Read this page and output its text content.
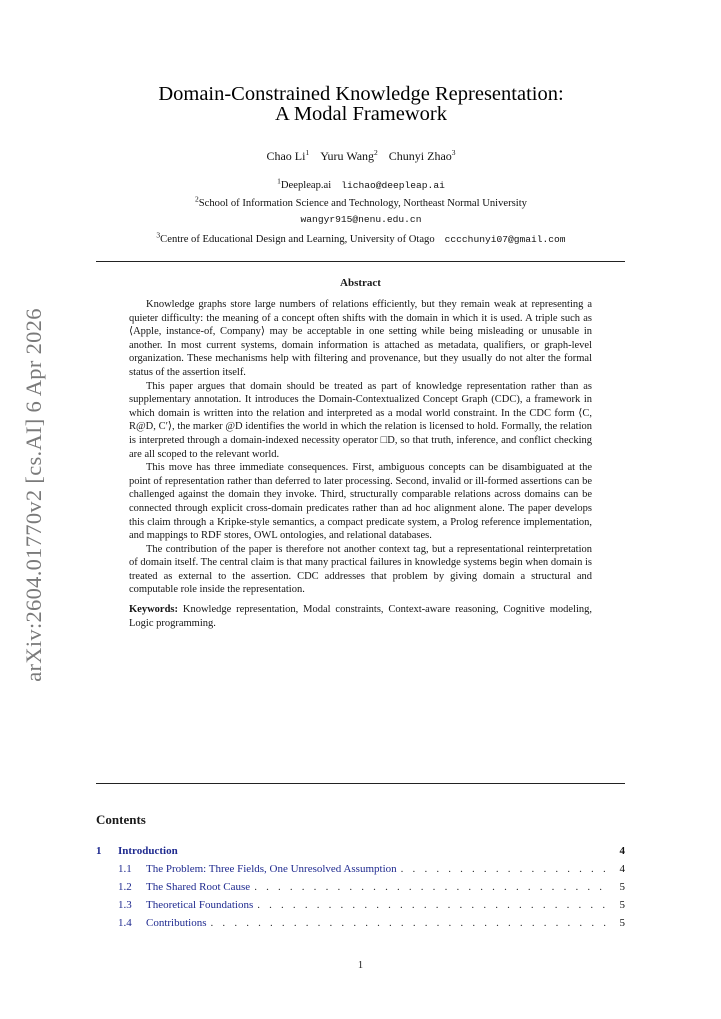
arXiv:2604.01770v2 [cs.AI] 6 Apr 2026
Domain-Constrained Knowledge Representation:
A Modal Framework
Chao Li$^1$ Yuru Wang$^2$ Chunyi Zhao$^3$
$^1$Deepleap.ai lichao@deepleap.ai
$^2$School of Information Science and Technology, Northeast Normal University
wangyr915@nenu.edu.cn
$^3$Centre of Educational Design and Learning, University of Otago cccchunyi07@gmail.com
Abstract

Knowledge graphs store large numbers of relations efficiently, but they remain weak at representing a quieter difficulty: the meaning of a concept often shifts with the domain in which it is used. A triple such as ⟨Apple, instance-of, Company⟩ may be acceptable in one setting while being misleading or unusable in another. In most current systems, domain information is attached as metadata, qualifiers, or graph-level organization. These mechanisms help with filtering and provenance, but they usually do not alter the formal status of the assertion itself.

This paper argues that domain should be treated as part of knowledge representation rather than as supplementary annotation. It introduces the Domain-Contextualized Concept Graph (CDC), a framework in which domain is written into the relation and interpreted as a modal world constraint. In the CDC form ⟨C, R@D, C′⟩, the marker @D identifies the world in which the relation is licensed to hold. Formally, the relation is interpreted through a domain-indexed necessity operator □D, so that truth, inference, and conflict checking are all scoped to the relevant world.

This move has three immediate consequences. First, ambiguous concepts can be disambiguated at the point of representation rather than deferred to later processing. Second, invalid or ill-formed assertions can be challenged against the domain they invoke. Third, structurally comparable relations across domains can be connected through explicit cross-domain predicates rather than ad hoc alignment alone. The paper develops this claim through a Kripke-style semantics, a compact predicate system, a Prolog reference implementation, and mappings to RDF stores, OWL ontologies, and relational databases.

The contribution of the paper is therefore not another context tag, but a representational reinterpretation of domain itself. The central claim is that many practical failures in knowledge systems begin when domain is treated as external to the assertion. CDC addresses that problem by giving domain a structural and computable role inside the representation.

Keywords: Knowledge representation, Modal constraints, Context-aware reasoning, Cognitive modeling, Logic programming.

Contents
1	Introduction	4
1.1	The Problem: Three Fields, One Unresolved Assumption . . .	4
1.2	The Shared Root Cause . . .	5
1.3	Theoretical Foundations . . .	5
1.4	Contributions . . .	5
1
